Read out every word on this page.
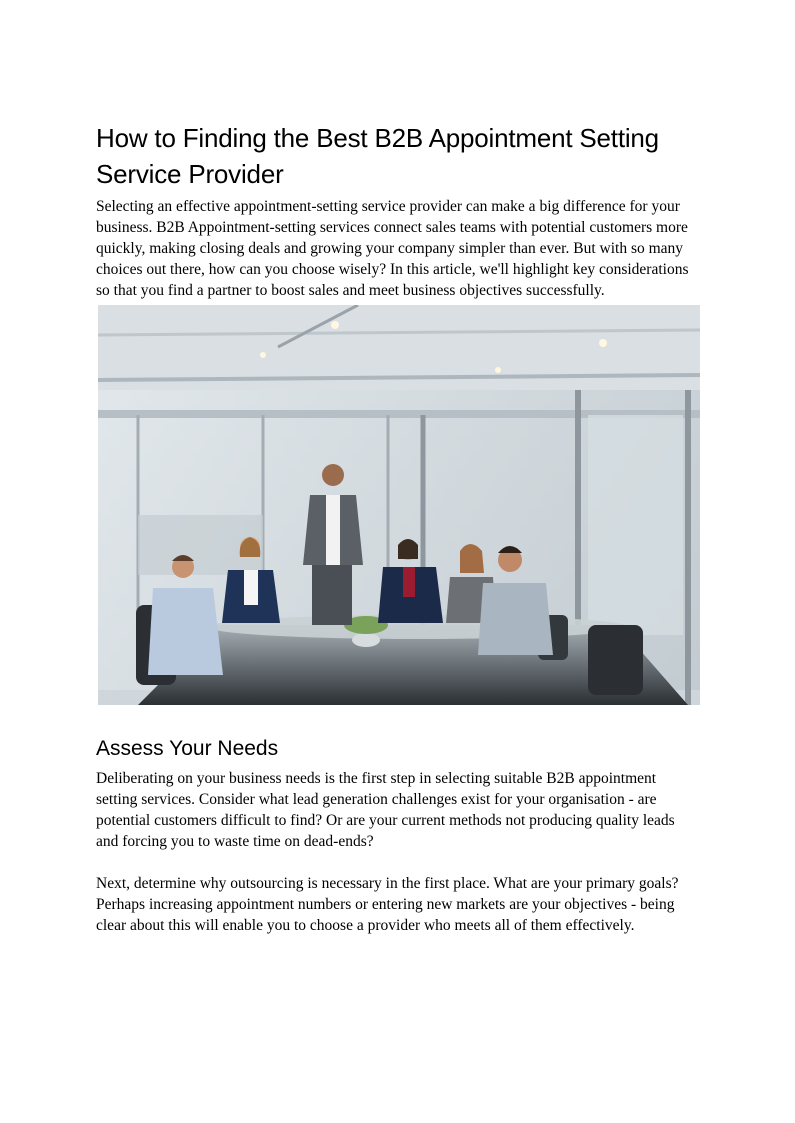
How to Finding the Best B2B Appointment Setting Service Provider

Selecting an effective appointment-setting service provider can make a big difference for your business. B2B Appointment-setting services connect sales teams with potential customers more quickly, making closing deals and growing your company simpler than ever. But with so many choices out there, how can you choose wisely? In this article, we'll highlight key considerations so that you find a partner to boost sales and meet business objectives successfully.

Assess Your Needs

Deliberating on your business needs is the first step in selecting suitable B2B appointment setting services. Consider what lead generation challenges exist for your organisation - are potential customers difficult to find? Or are your current methods not producing quality leads and forcing you to waste time on dead-ends?

Next, determine why outsourcing is necessary in the first place. What are your primary goals? Perhaps increasing appointment numbers or entering new markets are your objectives - being clear about this will enable you to choose a provider who meets all of them effectively.
